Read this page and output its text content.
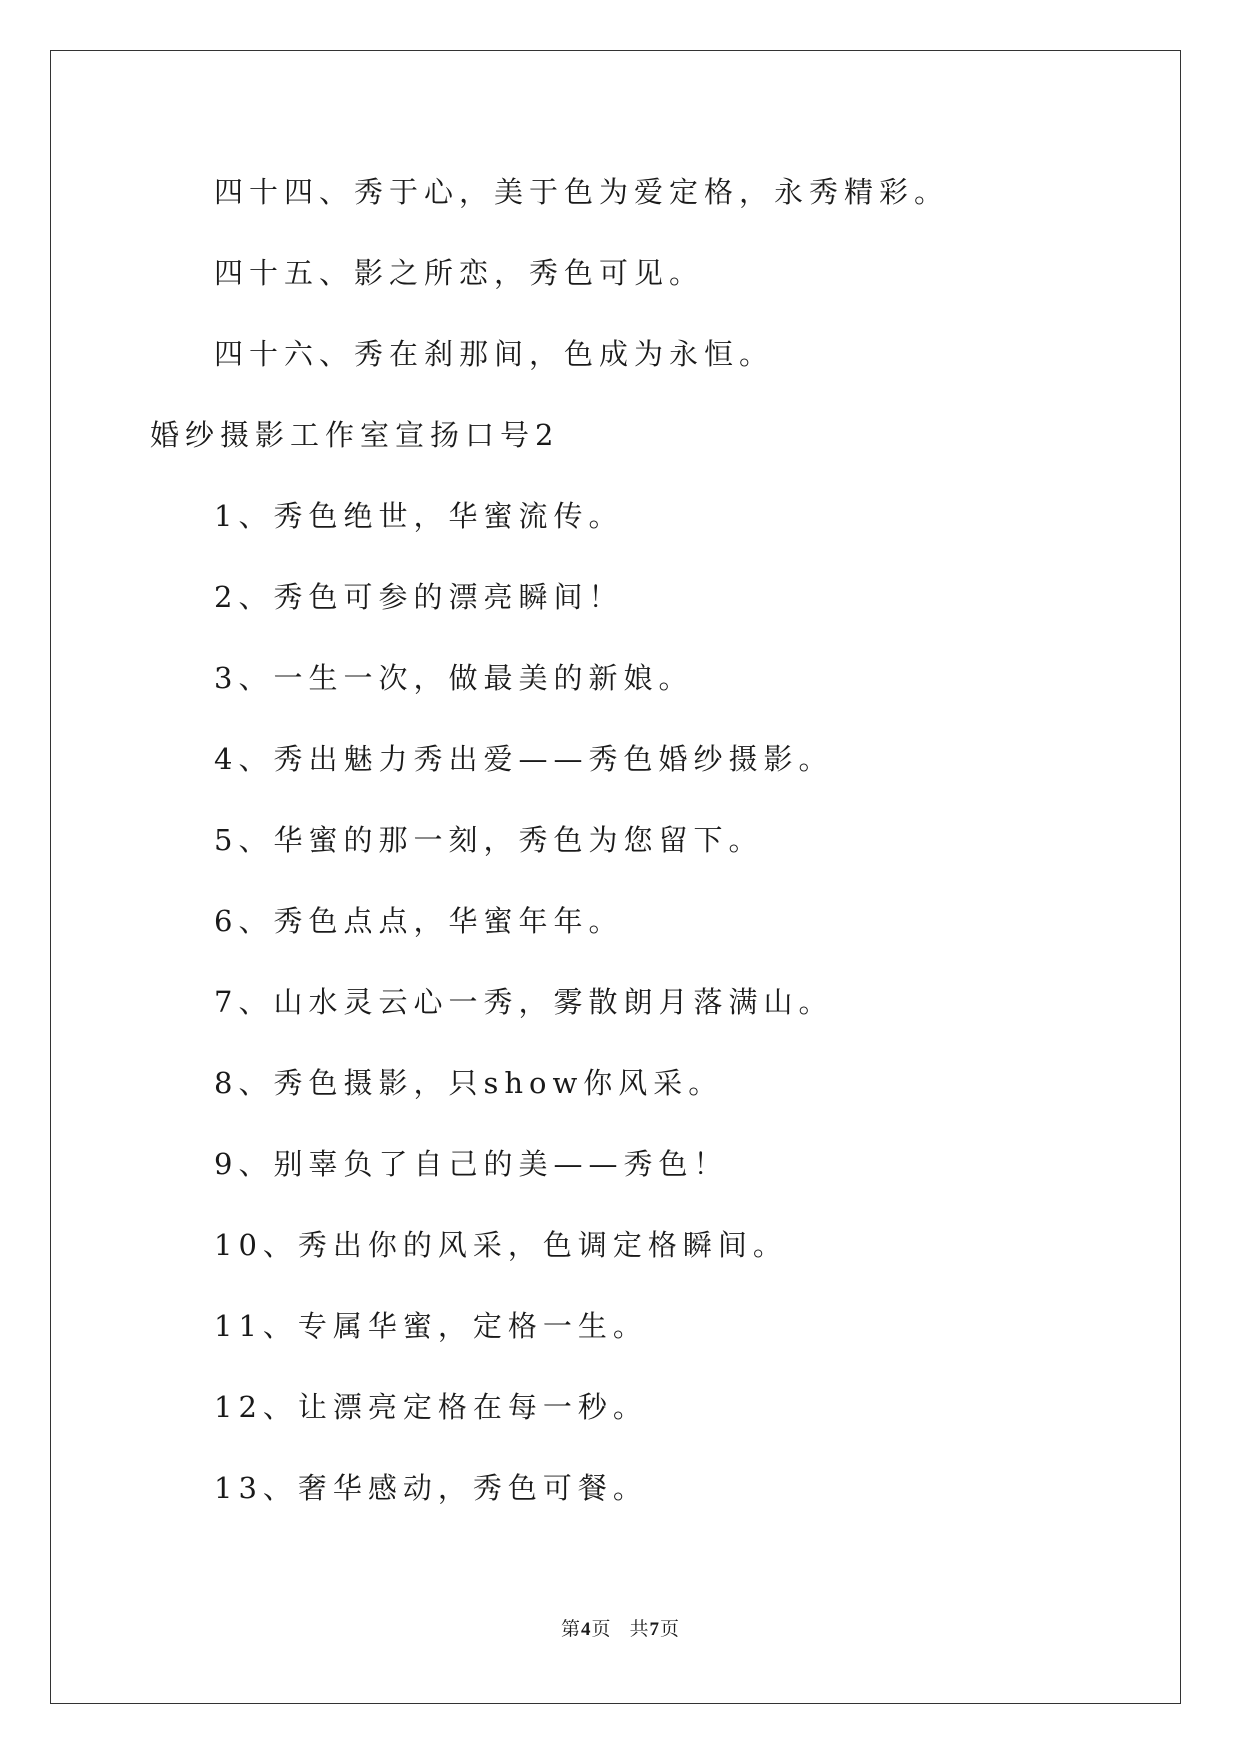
四十四、秀于心，美于色为爱定格，永秀精彩。
四十五、影之所恋，秀色可见。
四十六、秀在刹那间，色成为永恒。
婚纱摄影工作室宣扬口号2
1、秀色绝世，华蜜流传。
2、秀色可参的漂亮瞬间！
3、一生一次，做最美的新娘。
4、秀出魅力秀出爱——秀色婚纱摄影。
5、华蜜的那一刻，秀色为您留下。
6、秀色点点，华蜜年年。
7、山水灵云心一秀，雾散朗月落满山。
8、秀色摄影，只show你风采。
9、别辜负了自己的美——秀色！
10、秀出你的风采，色调定格瞬间。
11、专属华蜜，定格一生。
12、让漂亮定格在每一秒。
13、奢华感动，秀色可餐。
第4页 共7页
